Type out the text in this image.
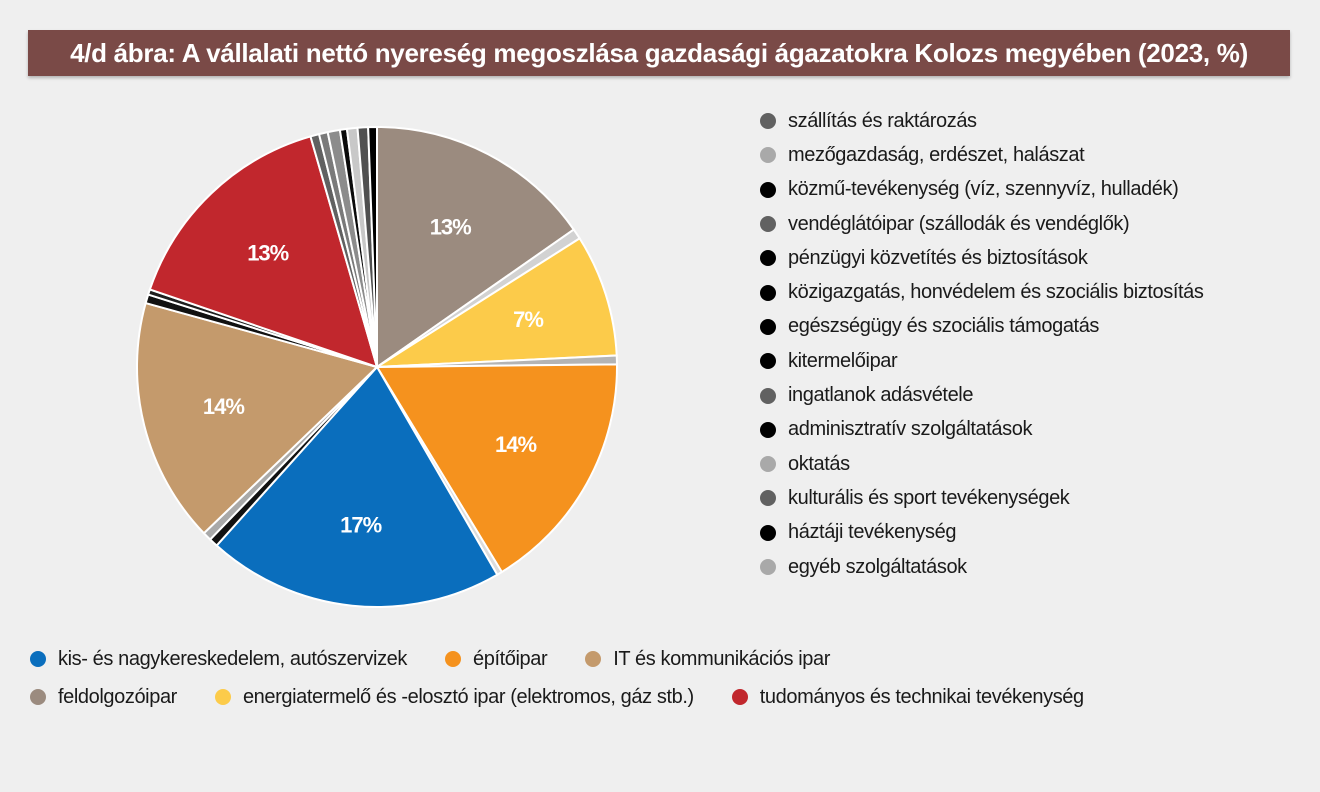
4/d ábra: A vállalati nettó nyereség megoszlása gazdasági ágazatokra Kolozs megyében (2023, %)
13%
7%
14%
17%
14%
13%
szállítás és raktározás
mezőgazdaság, erdészet, halászat
közmű-tevékenység (víz, szennyvíz, hulladék)
vendéglátóipar (szállodák és vendéglők)
pénzügyi közvetítés és biztosítások
közigazgatás, honvédelem és szociális biztosítás
egészségügy és szociális támogatás
kitermelőipar
ingatlanok adásvétele
adminisztratív szolgáltatások
oktatás
kulturális és sport tevékenységek
háztáji tevékenység
egyéb szolgáltatások
kis- és nagykereskedelem, autószervizek	építőipar	IT és kommunikációs ipar
feldolgozóipar	energiatermelő és -elosztó ipar (elektromos, gáz stb.)	tudományos és technikai tevékenység
